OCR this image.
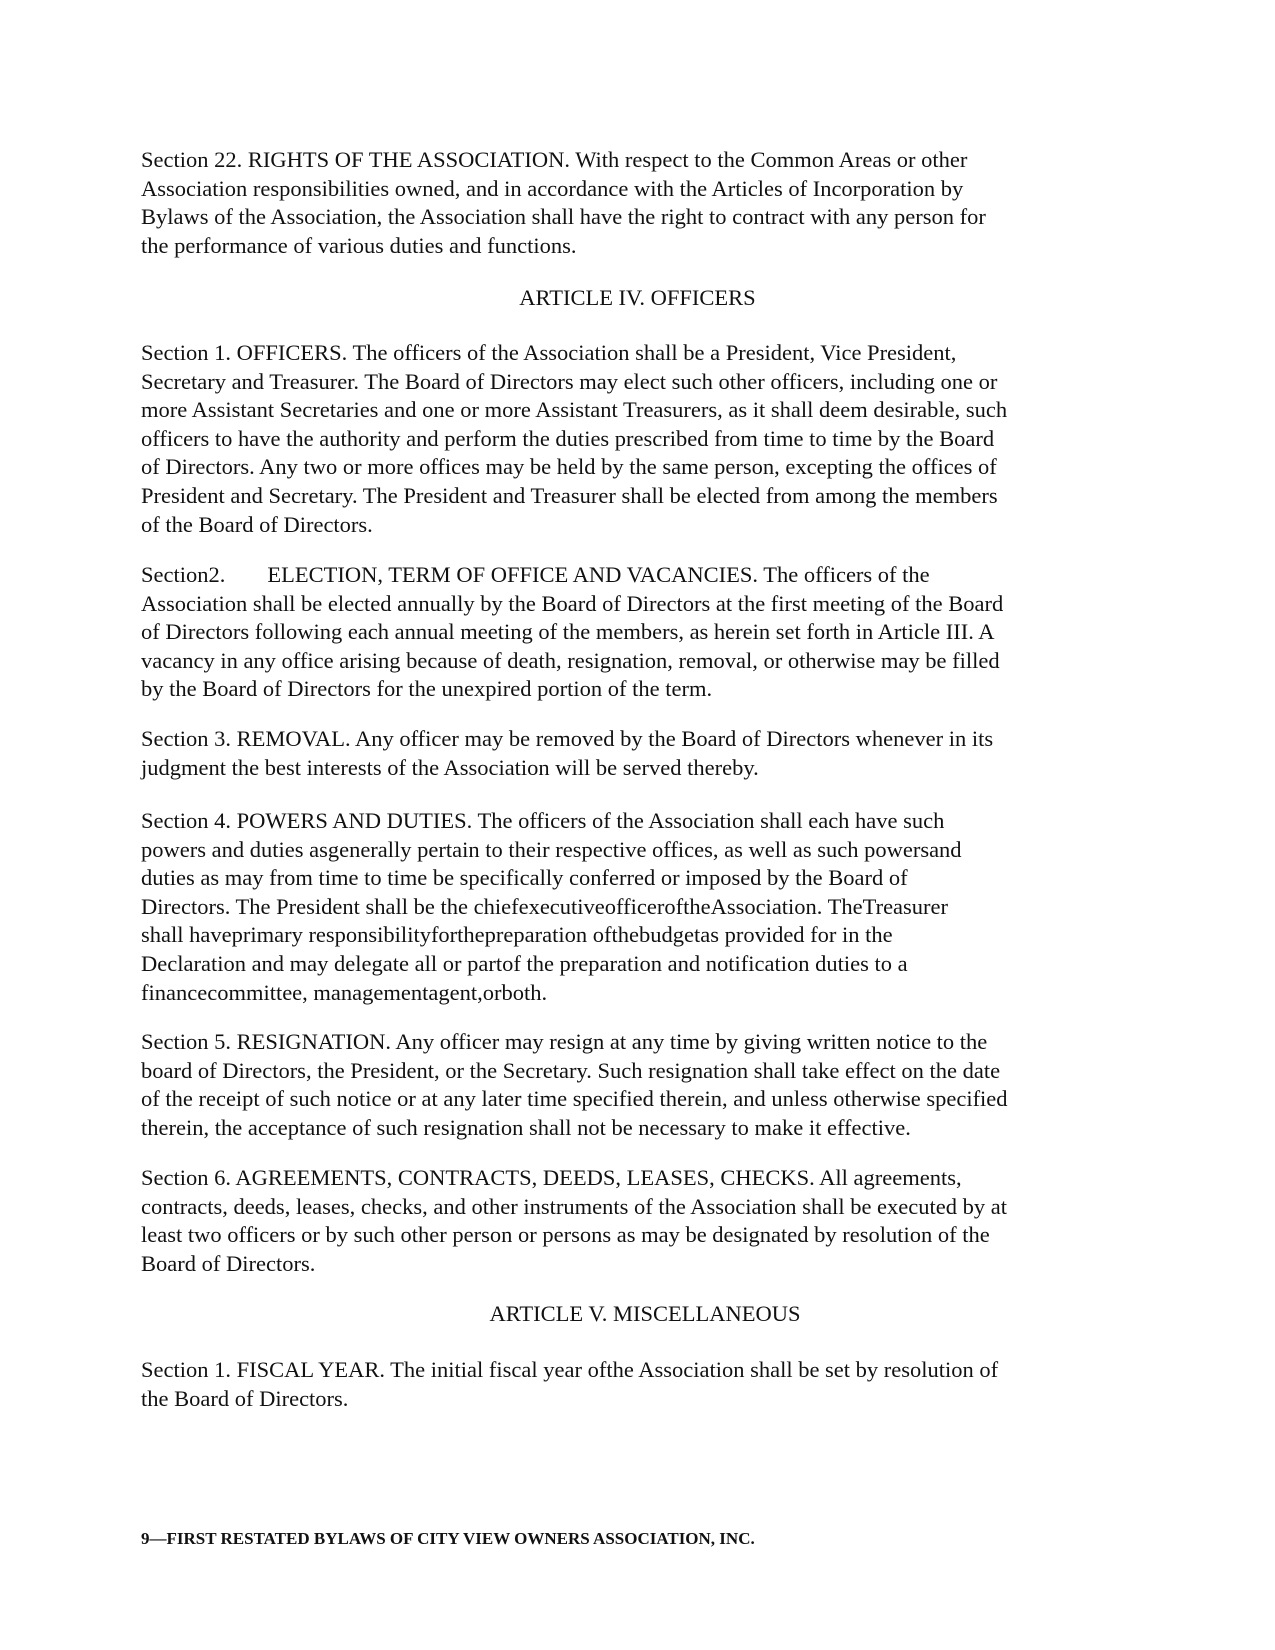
Section 22. RIGHTS OF THE ASSOCIATION. With respect to the Common Areas or other
Association responsibilities owned, and in accordance with the Articles of Incorporation by
Bylaws of the Association, the Association shall have the right to contract with any person for
the performance of various duties and functions.

ARTICLE IV. OFFICERS

Section 1. OFFICERS. The officers of the Association shall be a President, Vice President,
Secretary and Treasurer. The Board of Directors may elect such other officers, including one or
more Assistant Secretaries and one or more Assistant Treasurers, as it shall deem desirable, such
officers to have the authority and perform the duties prescribed from time to time by the Board
of Directors. Any two or more offices may be held by the same person, excepting the offices of
President and Secretary. The President and Treasurer shall be elected from among the members
of the Board of Directors.

Section2. ELECTION, TERM OF OFFICE AND VACANCIES. The officers of the
Association shall be elected annually by the Board of Directors at the first meeting of the Board
of Directors following each annual meeting of the members, as herein set forth in Article III. A
vacancy in any office arising because of death, resignation, removal, or otherwise may be filled
by the Board of Directors for the unexpired portion of the term.

Section 3. REMOVAL. Any officer may be removed by the Board of Directors whenever in its
judgment the best interests of the Association will be served thereby.

Section 4. POWERS AND DUTIES. The officers of the Association shall each have such
powers and duties asgenerally pertain to their respective offices, as well as such powersand
duties as may from time to time be specifically conferred or imposed by the Board of
Directors. The President shall be the chiefexecutiveofficeroftheAssociation. TheTreasurer
shall haveprimary responsibilityforthepreparation ofthebudgetas provided for in the
Declaration and may delegate all or partof the preparation and notification duties to a
financecommittee, managementagent,orboth.

Section 5. RESIGNATION. Any officer may resign at any time by giving written notice to the
board of Directors, the President, or the Secretary. Such resignation shall take effect on the date
of the receipt of such notice or at any later time specified therein, and unless otherwise specified
therein, the acceptance of such resignation shall not be necessary to make it effective.

Section 6. AGREEMENTS, CONTRACTS, DEEDS, LEASES, CHECKS. All agreements,
contracts, deeds, leases, checks, and other instruments of the Association shall be executed by at
least two officers or by such other person or persons as may be designated by resolution of the
Board of Directors.

ARTICLE V. MISCELLANEOUS

Section 1. FISCAL YEAR. The initial fiscal year ofthe Association shall be set by resolution of
the Board of Directors.

9—FIRST RESTATED BYLAWS OF CITY VIEW OWNERS ASSOCIATION, INC.
